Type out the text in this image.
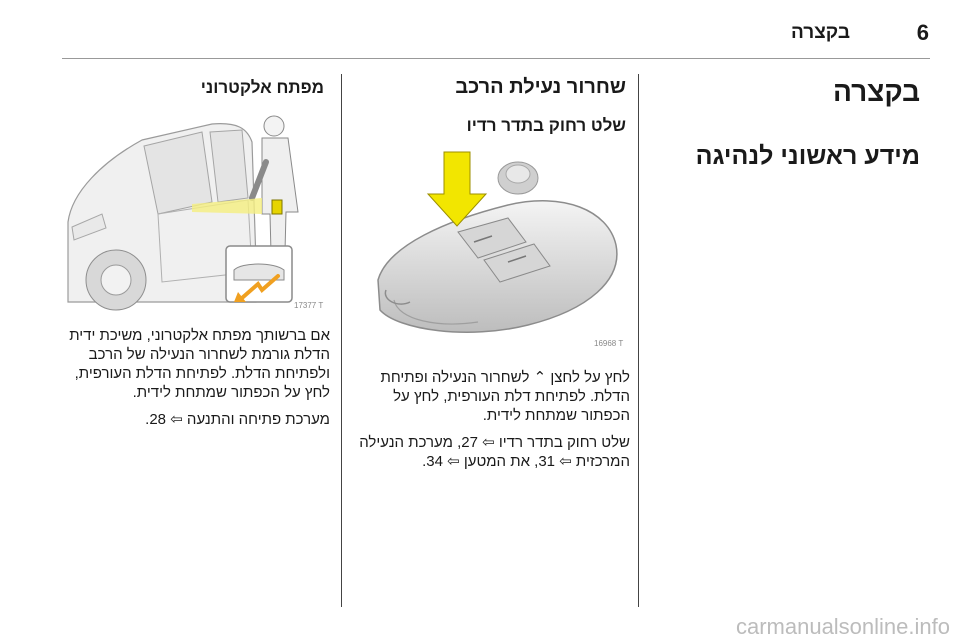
6
בקצרה
בקצרה
מידע ראשוני לנהיגה
שחרור נעילת הרכב
שלט רחוק בתדר רדיו
16968 T

לחץ על לחצן ⌃ לשחרור הנעילה ופתיחת הדלת. לפתיחת דלת העורפית, לחץ על הכפתור שמתחת לידית.

שלט רחוק בתדר רדיו ⇦ 27, מערכת הנעילה המרכזית ⇦ 31, את המטען ⇦ 34.

מפתח אלקטרוני
17377 T

אם ברשותך מפתח אלקטרוני, משיכת ידית הדלת גורמת לשחרור הנעילה של הרכב ולפתיחת הדלת. לפתיחת הדלת העורפית, לחץ על הכפתור שמתחת לידית.

מערכת פתיחה והתנעה ⇦ 28.

carmanualsonline.info
